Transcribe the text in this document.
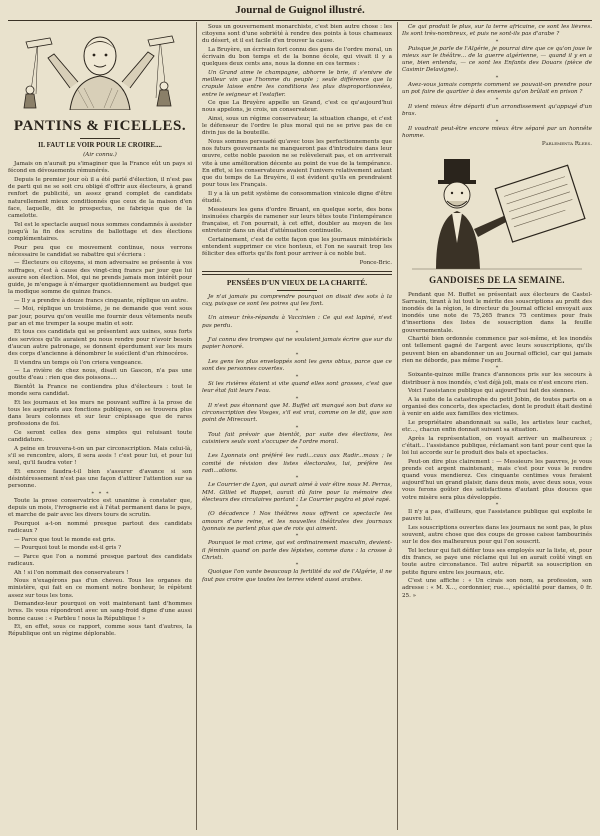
Journal de Guignol illustré.
PANTINS & FICELLES.
IL FAUT LE VOIR POUR LE CROIRE....
(Air connu.)

Jamais on n'aurait pu s'imaginer que la France eût un pays si fécond en dévouements rémunérés.

Depuis le premier jour où il a été parlé d'élection, il n'est pas de parti qui ne se soit cru obligé d'offrir aux électeurs, à grand renfort de publicité, un assez grand complet de candidats naturellement mieux conditionnés que ceux de la maison d'en face, laquelle, dit le prospectus, ne fabrique que de la camelotte.

Tel est le spectacle auquel nous sommes condamnés à assister jusqu'à la fin des scrutins de ballottage et des élections complémentaires.

Pour peu que ce mouvement continue, nous verrons nécessaire le candidat se rabattre qui s'écriera :

— Électeurs ou citoyens, si mon adversaire se présente à vos suffrages, c'est à cause des vingt-cinq francs par jour que lui assure son élection. Moi, qui ne prends jamais mon intérêt pour guide, je m'engage à n'émarger quotidiennement au budget que la modique somme de quinze francs.

— Il y a prendre à douze francs cinquante, réplique un autre.

— Moi, réplique un troisième, je ne demande que vent sous par jour, pourvu qu'on veuille me fournir deux vêtements neufs par an et me tremper la soupe matin et soir.

Et tous ces candidats qui se présentent aux usines, sous forts des services qu'ils auraient pu nous rendre pour n'avoir besoin d'aucun autre patronage, se donnent éperdument sur les murs des corps d'ancienne à dénombrer le suécilent d'un rhinocéros.

Il viendra un temps où l'on criera vengeance.

— La rivière de chez nous, disait un Gascon, n'a pas une goutte d'eau : rien que des poissons....

Bientôt la France ne contiendra plus d'électeurs : tout le monde sera candidat.

Et les journaux et les murs ne pouvant suffire à la prose de tous les aspirants aux fonctions publiques, on se trouvera plus dans leurs colonnes et sur leur crépissage que de rares professions de foi.

Ce seront celles des gens simples qui reluisant toute candidature.

A peine en trouvera-t-on un par circonscription. Mais celui-là, s'il se rencontre, alors, il sera assis ! c'est pour lui, et pour lui seul, qu'il faudra voter !

Et encore faudra-t-il bien s'assurer d'avance si son désintéressement n'est pas une façon d'attirer l'attention sur sa personne.

*   *   *

Toute la prose conservatrice est unanime à constater que, depuis un mois, l'ivrognerie est à l'état permanent dans le pays, et marche de pair avec les divers tours de scrutin.

Pourquoi a-t-on nommé presque partout des candidats radicaux ?

— Parce que tout le monde est gris.

— Pourquoi tout le monde est-il gris ?

— Parce que l'on a nommé presque partout des candidats radicaux.

Ah ! si l'on nommait des conservateurs !

Nous n'exagérons pas d'un cheveu. Tous les organes du ministère, qui fait en ce moment notre bonheur, le répètent assez sur tous les tons.

Demandez-leur pourquoi on voit maintenant tant d'hommes ivres. Ils vous répondront avec un sang-froid digne d'une aussi bonne cause : « Parbleu ! nous la République ! »

Et, en effet, sous ce rapport, comme sous tant d'autres, la République ont un régime déplorable.

Sous un gouvernement monarchiste, c'est bien autre chose : les citoyens sont d'une sobriété à rendre des points à tous chameaux du désert, et il est facile d'en trouver la cause.

La Bruyère, un écrivain fort connu des gens de l'ordre moral, un écrivain du bon temps et de la bonne école, qui vivait il y a quelques deux cents ans, nous la donne en ces termes :

Un Grand aime le champagne, abhorre le brie, il s'enivre de meilleur vin que l'homme du peuple ; seule différence que la crapule laisse entre les conditions les plus disproportionnées, entre le seigneur et l'estafier.

Ce que La Bruyère appelle un Grand, c'est ce qu'aujourd'hui nous appelons, je crois, un conservateur.

Ainsi, sous un régime conservateur, la situation change, et c'est le défenseur de l'ordre le plus moral qui ne se prive pas de ce divin jus de la bouteille.

Nous sommes persuadé qu'avec tous les perfectionnements que nos futurs gouvernants ne manqueront pas d'introduire dans leur œuvre, cette noble passion ne se relèvelerait pas, et on arriverait vite à une amélioration décente au point de vue de la tempérance. En effet, si les conservateurs avaient l'univers relativement autant que du temps de La Bruyère, il est évident qu'ils en prendraient pour tous les Français.

Il y a là un petit système de consommation vinicole digne d'être étudié.

Messieurs les gens d'ordre Bruant, en quelque sorte, des bons insinuées chargés de ramener sur leurs têtes toute l'intempérance française, et l'on pourrait, à cet effet, doubler au moyen de les entretenir dans un état d'atténuation continuelle.

Certainement, c'est de cette façon que les journaux ministériels entendent supprimer ce vice honteux, et l'on ne saurait trop les féliciter des efforts qu'ils font pour arriver à ce noble but.

Ponce-Bric.

PENSÉES D'UN VIEUX DE LA CHARITÉ.

Je n'ai jamais pu comprendre pourquoi on disait des sots à la cuy, puisque ce sont les poires qui les font.

*

Un aimeur très-répandu à Vaccinien : Ce qui est lapiné, n'est pas perdu.

*

J'ai connu des trompes qui ne voulaient jamais écrire que sur du papier honoré.

*

Les gens les plus enveloppés sont les gens obtus, parce que ce sont des personnes covertes.

*

Si les rivières étaient si vite quand elles sont grosses, c'est que leur état fait leurs l'eau.

*

Il n'est pas étonnant que M. Buffet ait manqué son but dans sa circonscription des Vosges, s'il est vrai, comme on le dit, que son point de Mirecourt.

*

Tout fait prévoir que bientôt, par suite des élections, les cuisiniers seuls vont s'occuper de l'ordre moral.

*

Les Lyonnais ont préféré les radi...caux aux Radir...maux ; le comité de révision des listes électorales, lui, préfère les radi...ations.

*

Le Courrier de Lyon, qui aurait aimé à voir élire nous M. Perras, MM. Gilliet et Ruppet, aurait dû faire pour la mémoire des électeurs des circulaires portant : Le Courrier paytra et pivé rapé.

*

(O décadence ! Nos théâtres nous offrent ce spectacle les amours d'une reine, et les nouvelles théâtrales des journaux lyonnais ne parlent plus que de rois qui aiment.

*

Pourquoi le mot crime, qui est ordinairement masculin, devient-il féminin quand on parle des lépistes, comme dans : la crosse à Christi.

*

Quoique l'on vante beaucoup la fertilité du sol de l'Algérie, il ne faut pas croire que toutes les terres vident aussi arabes.

Ce qui produit le plus, sur la terre africaine, ce sont les lièvres. Ils sont très-nombreux, et puis ne sont-ils pas d'arabe ?

*

Puisque je parle de l'Algérie, je pourrai dire que ce qu'on joue le mieux sur le théâtre... de la guerre algérienne, — quand il y en a une, bien entendu, — ce sont les Enfants des Douars (pièce de Casimir Delavigne).

*

Avez-vous jamais compris comment se pouvait-on prendre pour un pot faire de quartier à des ennemis qu'on brûlait en prison ?

*

Il vient mieux être départi d'un arrondissement qu'appuyé d'un bras.

*

Il voudrait peut-être encore mieux être séparé par un honnête homme.

Parlementa Rlees.

GANDOISES DE LA SEMAINE.

Pendant que M. Buffet se présentait aux électeurs de Castel-Sarrasin, tirant à lui tout le mérite des souscriptions au profit des inondés de la région, le directeur du Journal officiel envoyait aux inondés une note de 75,265 francs 75 centimes pour frais d'insertions des listes de souscription dans la feuille gouvernementale.

Charité bien ordonnée commence par soi-même, et les inondés ont tellement gagné de l'argent avec leurs souscriptions, qu'ils peuvent bien en abandonner un au Journal officiel, car qui jamais rien ne déborde, pas même l'esprit.

*

Soixante-quinze mille francs d'annonces pris sur les secours à distribuer à nos inondés, c'est déjà joli, mais ce n'est encore rien.

Voici l'assistance publique qui aujourd'hui fait des siennes.

A la suite de la catastrophe du petit Jobin, de toutes parts on a organisé des concerts, des spectacles, dont le produit était destiné à venir en aide aux familles des victimes.

Le propriétaire abandonnait sa salle, les artistes leur cachet, etc..., chacun enfin donnait suivant sa situation.

Après la représentation, on voyait arriver un malheureux ; c'était... l'assistance publique, réclamant son tant pour cent que la loi lui accorde sur le produit des bals et spectacles.

Peut-on dire plus clairement : — Messieurs les pauvres, je vous prends cet argent maintenant, mais c'est pour vous le rendre quand vous mendierez. Ces cinquante centimes vous feraient aujourd'hui un grand plaisir, dans deux mois, avec deux sous, vous vous ferons goûter des satisfactions d'autant plus douces que votre misère sera plus développée.

*

Il n'y a pas, d'ailleurs, que l'assistance publique qui exploite le pauvre lui.

Les souscriptions ouvertes dans les journaux ne sont pas, le plus souvent, autre chose que des coups de grosse caisse tambourinés sur le dos des malheureux pour qui l'on souscrit.

Tel lecteur qui fait défiler tous ses employés sur la liste, et, pour dix francs, se paye une réclame qui lui en aurait coûté vingt en toute autre circonstance. Tel autre répartit sa souscription en petite figure entre les journaux, etc.

C'est une affiche : « Un cirais son nom, sa profession, son adresse : « M. X..., cordonnier, rue..., spécialité pour dames, 0 fr. 25. »
